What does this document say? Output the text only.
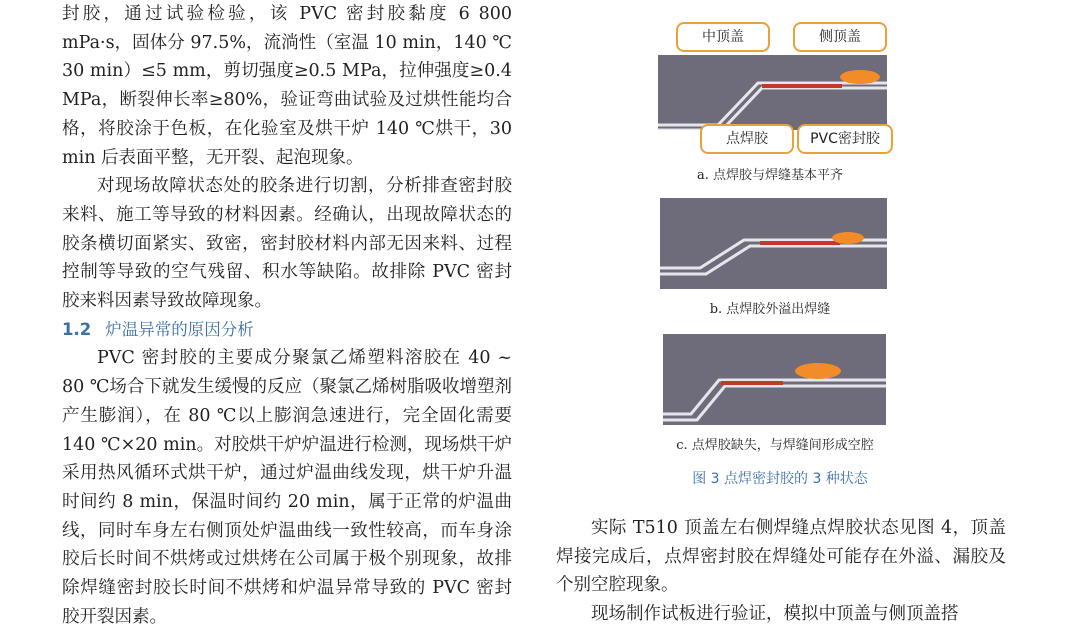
封胶，通过试验检验，该 PVC 密封胶黏度 6 800 mPa·s，固体分 97.5%，流淌性（室温 10 min，140 ℃ 30 min）≤5 mm，剪切强度≥0.5 MPa，拉伸强度≥0.4 MPa，断裂伸长率≥80%，验证弯曲试验及过烘性能均合格，将胶涂于色板，在化验室及烘干炉 140 ℃烘干，30 min 后表面平整，无开裂、起泡现象。

对现场故障状态处的胶条进行切割，分析排查密封胶来料、施工等导致的材料因素。经确认，出现故障状态的胶条横切面紧实、致密，密封胶材料内部无因来料、过程控制等导致的空气残留、积水等缺陷。故排除 PVC 密封胶来料因素导致故障现象。

1.2 炉温异常的原因分析

PVC 密封胶的主要成分聚氯乙烯塑料溶胶在 40 ~ 80 ℃场合下就发生缓慢的反应（聚氯乙烯树脂吸收增塑剂产生膨润），在 80 ℃以上膨润急速进行，完全固化需要 140 ℃×20 min。对胶烘干炉炉温进行检测，现场烘干炉采用热风循环式烘干炉，通过炉温曲线发现，烘干炉升温时间约 8 min，保温时间约 20 min，属于正常的炉温曲线，同时车身左右侧顶处炉温曲线一致性较高，而车身涂胶后长时间不烘烤或过烘烤在公司属于极个别现象，故排除焊缝密封胶长时间不烘烤和炉温异常导致的 PVC 密封胶开裂因素。

中顶盖	侧顶盖
点焊胶	PVC密封胶
a. 点焊胶与焊缝基本平齐
b. 点焊胶外溢出焊缝
c. 点焊胶缺失，与焊缝间形成空腔
图 3 点焊密封胶的 3 种状态

实际 T510 顶盖左右侧焊缝点焊胶状态见图 4，顶盖焊接完成后，点焊密封胶在焊缝处可能存在外溢、漏胶及个别空腔现象。

现场制作试板进行验证，模拟中顶盖与侧顶盖搭
